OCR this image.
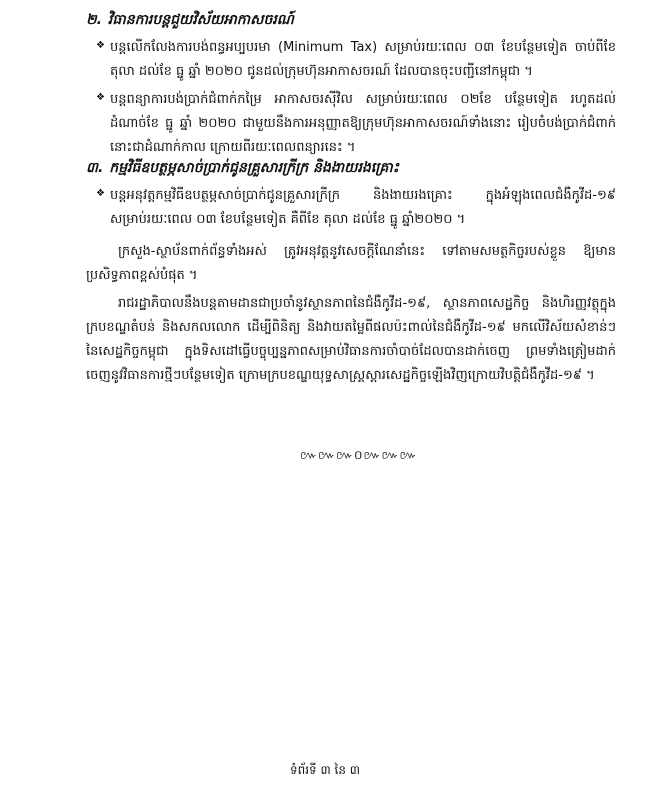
២. វិធានការបន្តជួយវិស័យអាកាសចរណ៍
❖ បន្តលើកលែងការបង់ពន្ធអប្បបរមា (Minimum Tax) សម្រាប់រយៈពេល ០៣ ខែបន្ថែមទៀត ចាប់ពីខែ តុលា ដល់ខែ ធ្នូ ឆ្នាំ ២០២០ ជូនដល់ក្រុមហ៊ុនអាកាសចរណ៍ ដែលបានចុះបញ្ជីនៅកម្ពុជា ។
❖ បន្តពន្យាការបង់ប្រាក់ជំពាក់កម្រៃ អាកាសចរស៊ីវិល សម្រាប់រយៈពេល ០២ខែ បន្ថែមទៀត រហូតដល់ដំណាច់ខែ ធ្នូ ឆ្នាំ ២០២០ ជាមួយនឹងការអនុញ្ញាតឱ្យក្រុមហ៊ុនអាកាសចរណ៍ទាំងនោះ រៀបចំបង់ប្រាក់ជំពាក់នោះជាដំណាក់កាល ក្រោយពីរយៈពេលពន្យារនេះ ។
៣. កម្មវិធីឧបត្ថម្ភសាច់ប្រាក់ជូនគ្រួសារក្រីក្រ និងងាយរងគ្រោះ
❖ បន្តអនុវត្តកម្មវិធីឧបត្ថម្ភសាច់ប្រាក់ជូនគ្រួសារក្រីក្រ និងងាយរងគ្រោះ ក្នុងអំឡុងពេលជំងឺកូវីដ-១៩ សម្រាប់រយៈពេល ០៣ ខែបន្ថែមទៀត គឺពីខែ តុលា ដល់ខែ ធ្នូ ឆ្នាំ២០២០ ។
ក្រសួង-ស្ថាប័នពាក់ព័ន្ធទាំងអស់ ត្រូវអនុវត្តនូវសេចក្ដីណែនាំនេះ ទៅតាមសមត្ថកិច្ចរបស់ខ្លួន ឱ្យមានប្រសិទ្ធភាពខ្ពស់បំផុត ។
រាជរដ្ឋាភិបាលនឹងបន្តតាមដានជាប្រចាំនូវស្ថានភាពនៃជំងឺកូវីដ-១៩, ស្ថានភាពសេដ្ឋកិច្ច និងហិរញ្ញវត្ថុក្នុងក្របខណ្ឌតំបន់ និងសកលលោក ដើម្បីពិនិត្យ និងវាយតម្លៃពីផលប៉ះពាល់នៃជំងឺកូវីដ-១៩ មកលើវិស័យសំខាន់ៗនៃសេដ្ឋកិច្ចកម្ពុជា ក្នុងទិសដៅធ្វើបច្ចុប្បន្នភាពសម្រាប់វិធានការចាំបាច់ដែលបានដាក់ចេញ ព្រមទាំងត្រៀមដាក់ចេញនូវវិធានការថ្មីៗបន្ថែមទៀត ក្រោមក្របខណ្ឌយុទ្ធសាស្ត្រស្ដារសេដ្ឋកិច្ចឡើងវិញក្រោយវិបត្តិជំងឺកូវីដ-១៩ ។
៚៚៚០៚៚៚
ទំព័រទី ៣ នៃ ៣
